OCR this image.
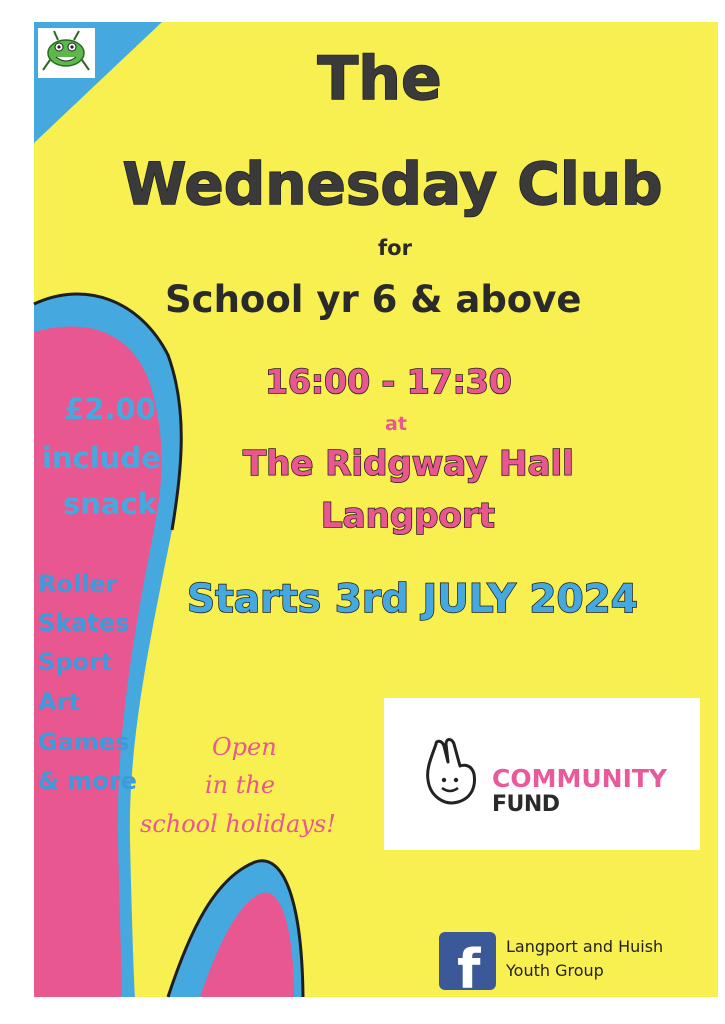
The
Wednesday Club
for
School yr 6 & above
16:00 - 17:30
at
The Ridgway Hall
Langport
Starts 3rd JULY 2024
£2.00
includes
snack
Roller
Skates
Sport
Art
Games
& more
Open
in the
school holidays!
COMMUNITY
FUND
f Langport and Huish
Youth Group
